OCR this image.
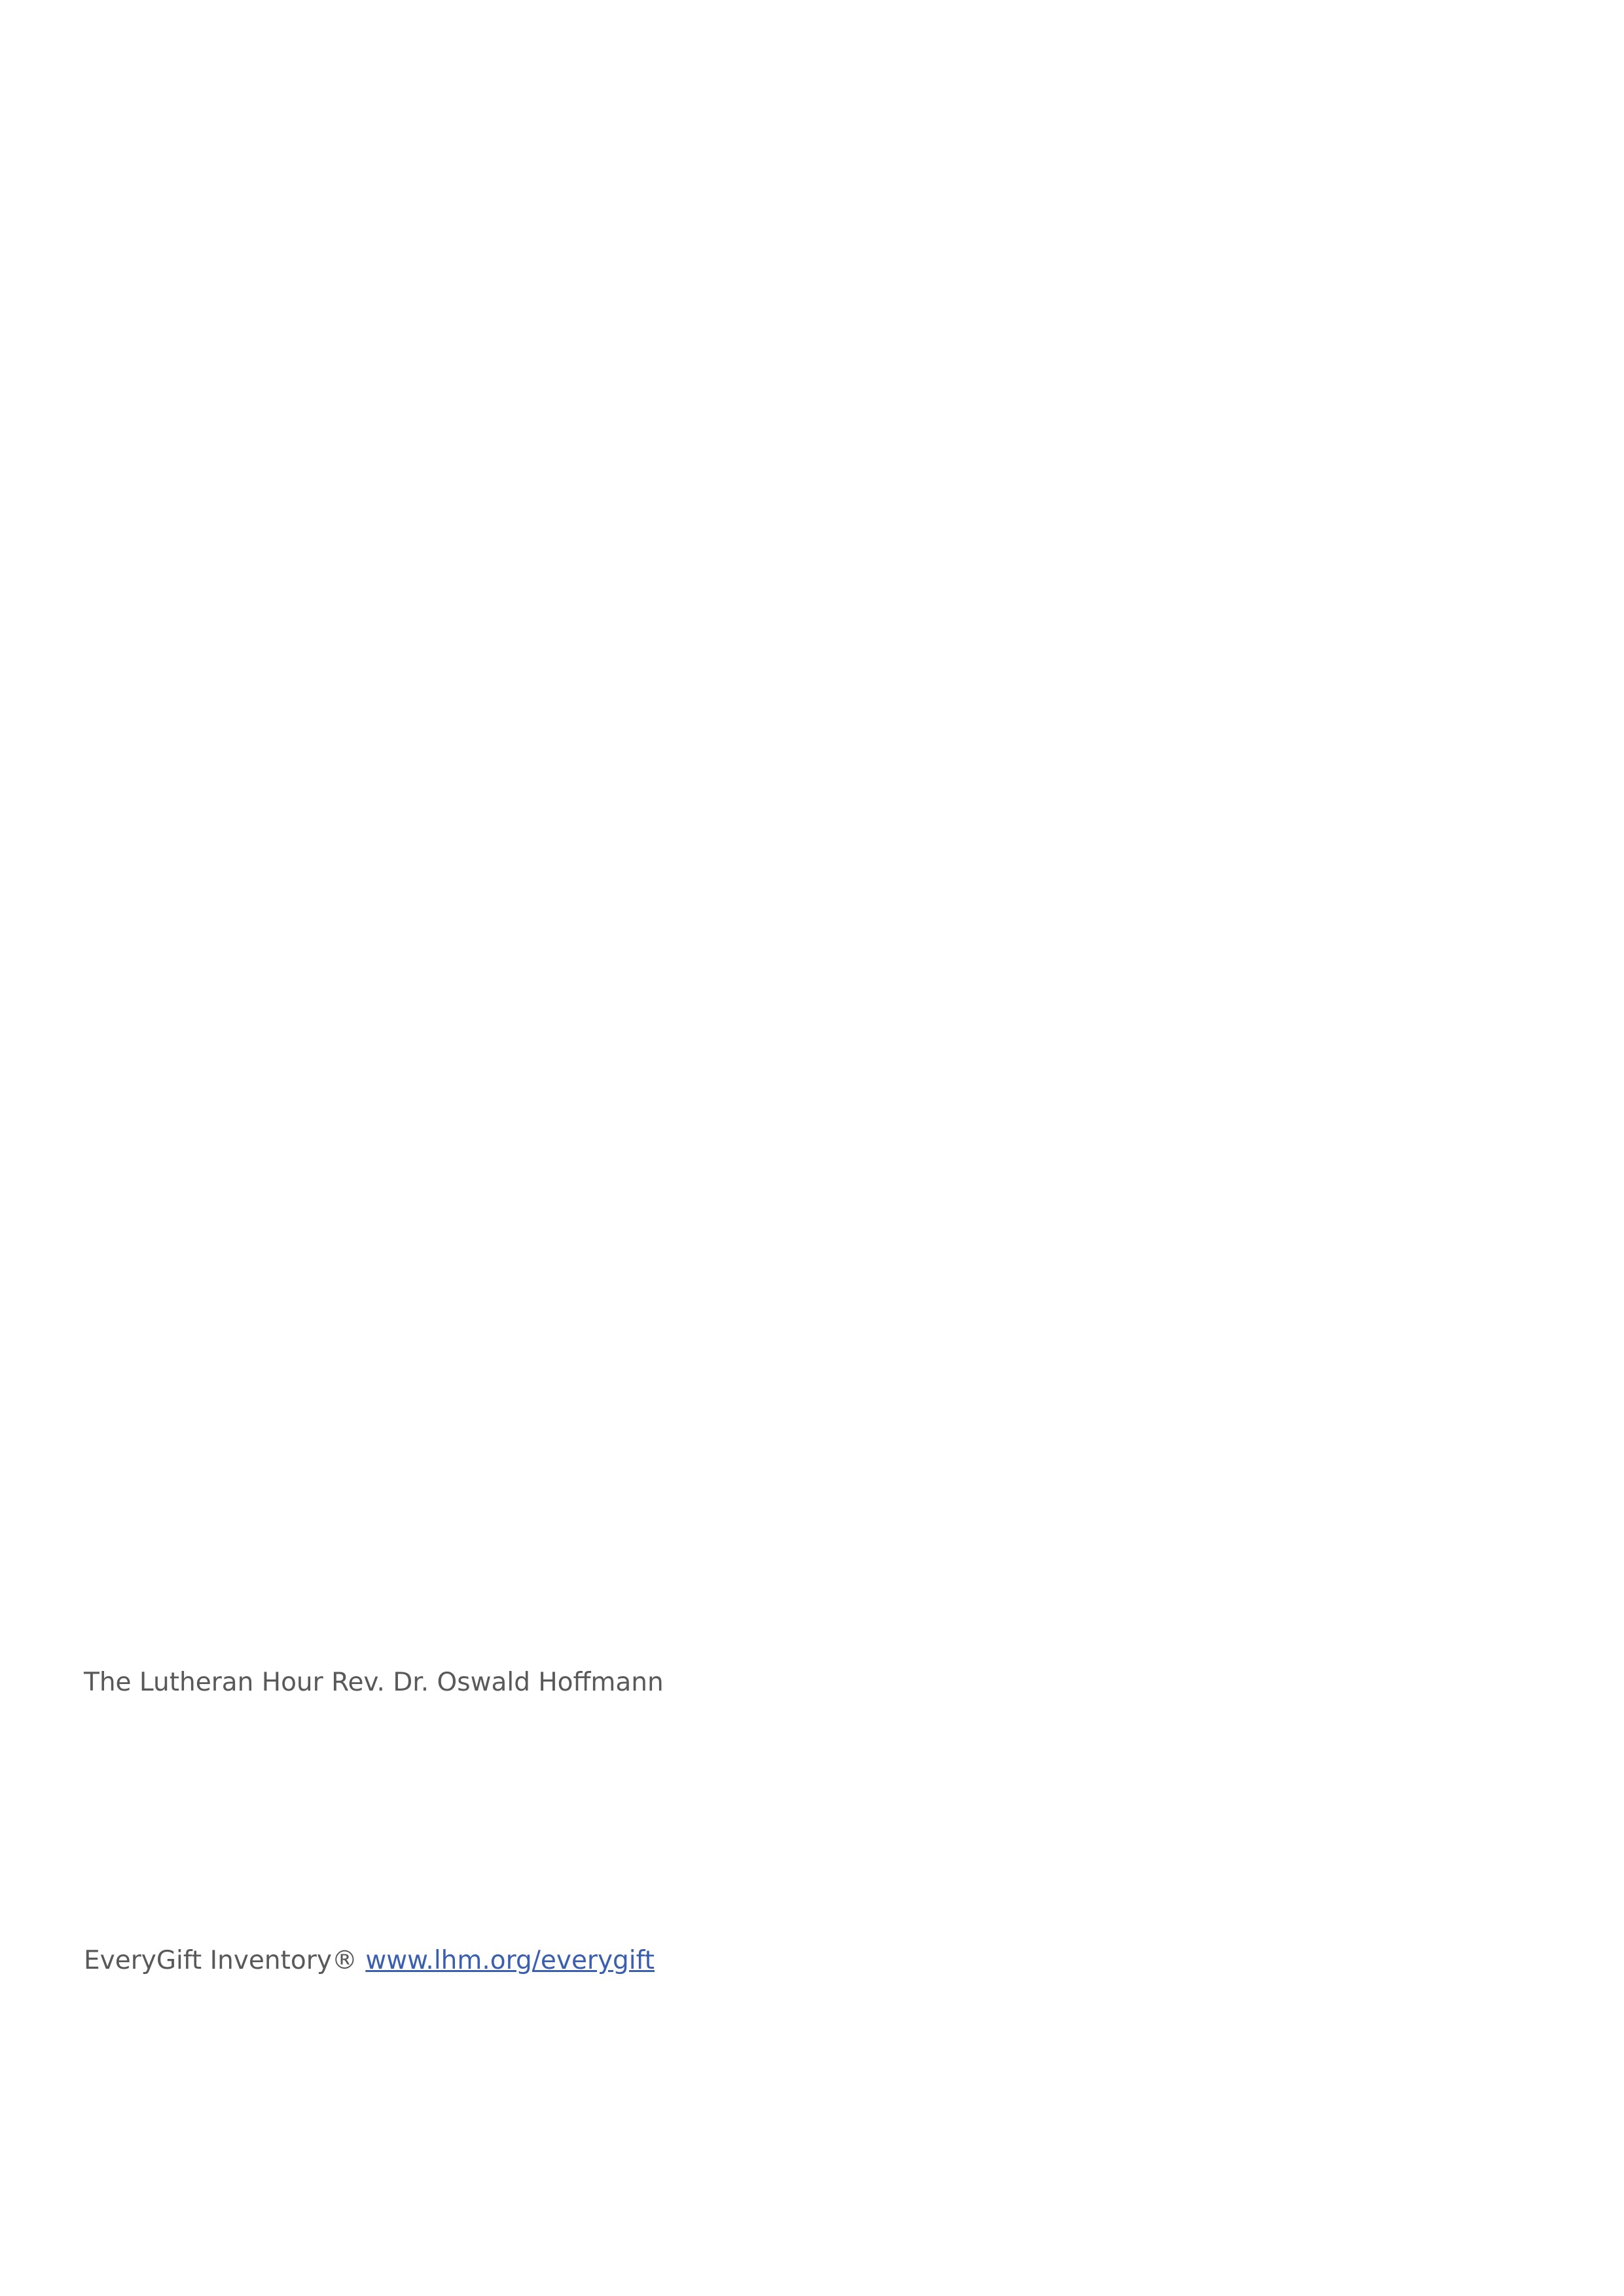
The Lutheran Hour Rev. Dr. Oswald Hoffmann

EveryGift Inventory® www.lhm.org/everygift
